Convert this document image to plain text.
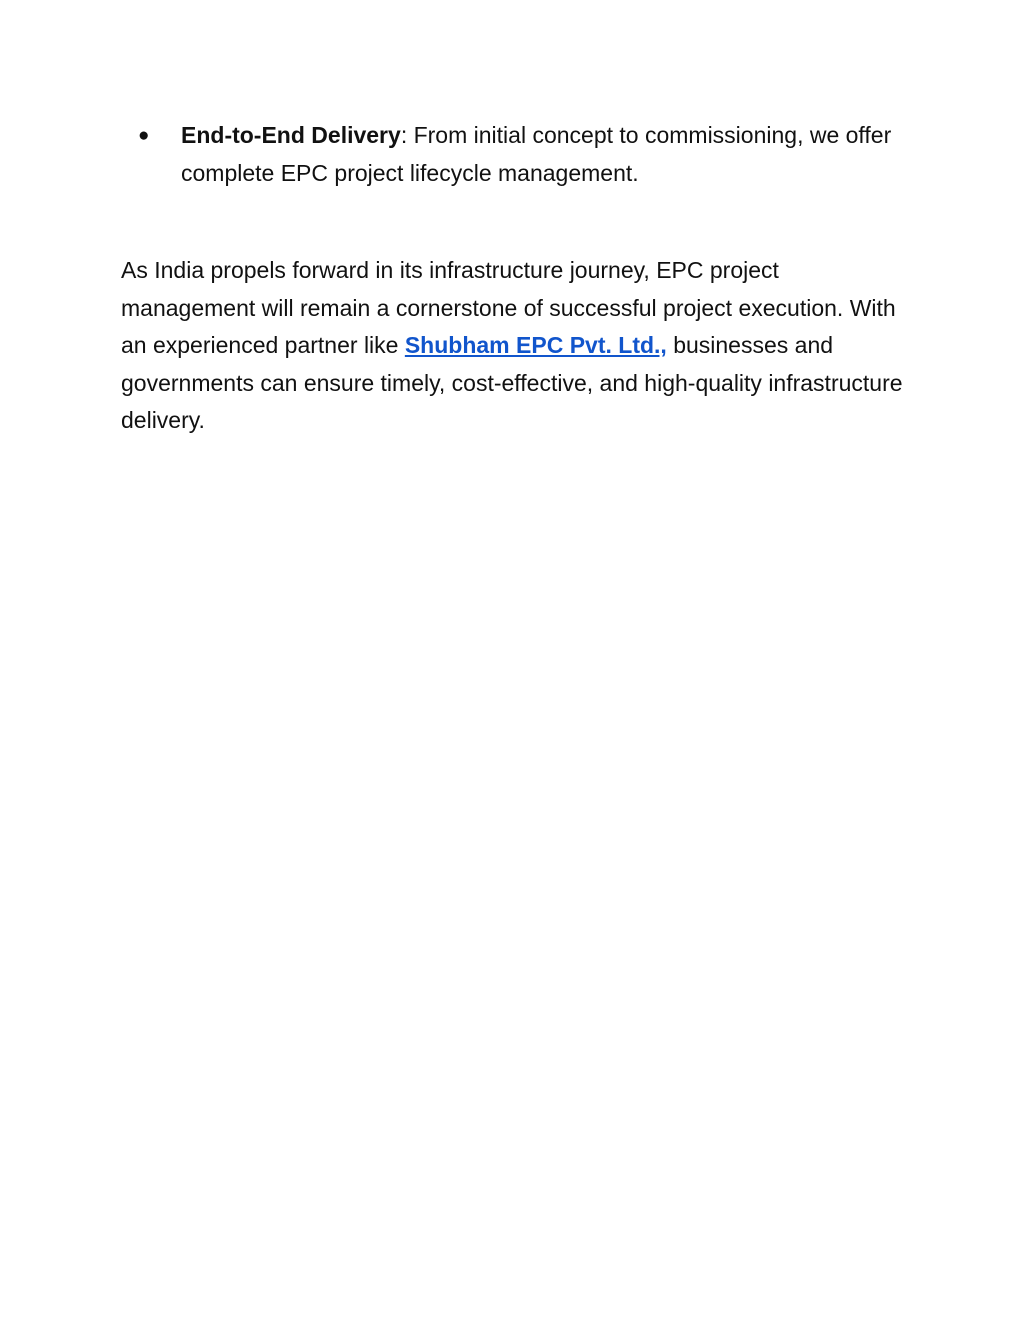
● End-to-End Delivery: From initial concept to commissioning, we offer complete EPC project lifecycle management.

As India propels forward in its infrastructure journey, EPC project management will remain a cornerstone of successful project execution. With an experienced partner like Shubham EPC Pvt. Ltd., businesses and governments can ensure timely, cost-effective, and high-quality infrastructure delivery.
